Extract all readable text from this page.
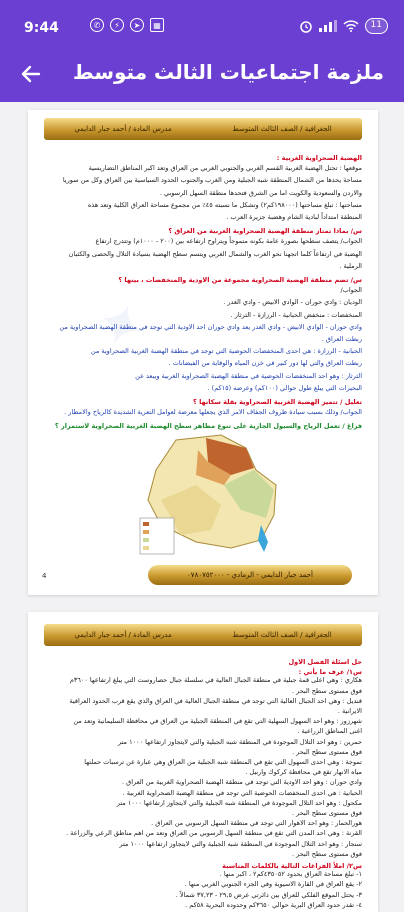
9:44	✆	⚡	➤	▦	11
ملزمة اجتماعيات الثالث متوسط
الجغرافية / الصف الثالث المتوسط
مدرس المادة / أحمد جبار الدايمي
✦
الهضبة الصحراوية الغربية :
موقعها : تحتل الهضبة الغربية القسم الغربي والجنوبي الغربي من العراق وتعد اكبر المناطق التضاريسية
مساحة يحدها من الشمال المنطقة شبه الجبلية ومن الغرب والجنوب الحدود السياسية بين العراق وكل من سوريا
والاردن والسعودية والكويت اما من الشرق فتحدها منطقة السهل الرسوبي .
مساحتها : تبلغ مساحتها (١٩٨٠٠٠كم٢) وتشكل ما نسبته ٤٥٪ من مجموع مساحة العراق الكلية وتعد هذه
المنطقة امتداداً لبادية الشام وهضبة جزيرة العرب .
س/ بماذا تمتاز منطقة الهضبة الصحراوية الغربية من العراق ؟
الجواب/ يتصف سطحها بصورة عامة بكونه متموجاً ويتراوح ارتفاعه بين (٢٠٠ - ١٠٠٠م) وتتدرج ارتفاع
الهضبة في ارتفاعاً كلما اتجهنا نحو الغرب والشمال الغربي ويتسم سطح الهضبة بسيادة التلال والحصى والكثبان
الرملية .
س/ تضم منطقة الهضبة الصحراوية مجموعة من الاودية والمنخفضات ، بينها ؟
الجواب/
الوديان : وادي حوران - الوادي الابيض - وادي الغدر .
المنخفضات : منخفض الحبانية - الرزازة - الثرثار .
وادي حوران - الوادي الابيض - وادي الغدر يعد وادي حوران احد الاودية التي توجد في منطقة الهضبة الصحراوية من
ربطت العراق .
الحبانية - الرزازة : هي احدى المنخفضات الحوضية التي توجد في منطقة الهضبة الغربية الصحراوية من
ربطت العراق والتي لها دور كبير في خزن المياه والوقاية من الفيضانات .
الثرثار : وهو احد المنخفضات الحوضية في منطقة الهضبة الصحراوية الغربية ويبعد عن
البحيرات التي يبلغ طول حوالي (١٠٠كم) وعرضه (١٥كم) .
تعليل / تتميز الهضبة الغربية الصحراوية بقلة سكانها ؟
الجواب/ وذلك بسبب سيادة ظروف الجفاف الامر الذي يجعلها معرضة لعوامل التعرية الشديدة كالرياح والامطار .
فراغ / تعمل الرياح والسيول الجارية على تنوع مظاهر سطح الهضبة الغربية الصحراوية لاستمرار ؟
أحمد جبار الدايمي - الرمادي - ٠٧٨٠٧٥٢٠٠٠
4
الجغرافية / الصف الثالث المتوسط
مدرس المادة / أحمد جبار الدايمي
حل اسئلة الفصل الاول
س١/ عرف ما يأتي :
هكاري : وهي اعلى قمة جبلية في منطقة الجبال العالية في سلسلة جبال حصاروست التي يبلغ ارتفاعها ٣٦٠٠م
فوق مستوى سطح البحر .
قنديل : وهي احد الجبال العالية التي توجد في منطقة الجبال العالية في العراق والذي يقع قرب الحدود العراقية
الايرانية .
شهرزور : وهو احد السهول السهلية التي تقع في المنطقة الجبلية من العراق في محافظة السليمانية وتعد من
اغنى المناطق الزراعية .
حمرين : وهو احد التلال الموجودة في المنطقة شبه الجبلية والتي لايتجاوز ارتفاعها ١٠٠٠ متر
فوق مستوى سطح البحر .
تموجة : وهي احدى السهول التي تقع في المنطقة شبه الجبلية من العراق وهي عبارة عن ترسبات حملتها
مياه الانهار تقع في محافظة كركوك واربيل .
وادي حوران : وهو احد الاودية التي توجد في منطقة الهضبة الصحراوية الغربية من العراق .
الحبانية : هي احدى المنخفضات الحوضية التي توجد في منطقة الهضبة الصحراوية الغربية .
مكحول : وهو احد التلال الموجودة في المنطقة شبه الجبلية والتي لايتجاوز ارتفاعها ١٠٠٠ متر
فوق مستوى سطح البحر .
هورالحمار : وهو احد الاهوار التي توجد في منطقة السهل الرسوبي من العراق .
القرنة : وهي احد المدن التي تقع في منطقة السهل الرسوبي من العراق وتعد من اهم مناطق الرعي والزراعة .
سنجار : وهو احد التلال الموجودة في المنطقة شبه الجبلية والتي لايتجاوز ارتفاعها ١٠٠٠ متر
فوق مستوى سطح البحر .
س٢/ املأ الفراغات التالية بالكلمات المناسبة
١- تبلغ مساحة العراق بحدود ٤٣٥٠٥٢كم٢ ، اكبر منها .
٢- يقع العراق في القارة الاسيوية وفي الجزء الجنوبي الغربي منها .
٣- يحتل الموقع الفلكي للعراق بين دائرتي عرض ٢٩,٥ - ٣٧,٢٣ شمالاً .
٤- تقدر حدود العراق البرية حوالي ٣٦٥٠كم وحدوده البحرية ٥٨كم .
